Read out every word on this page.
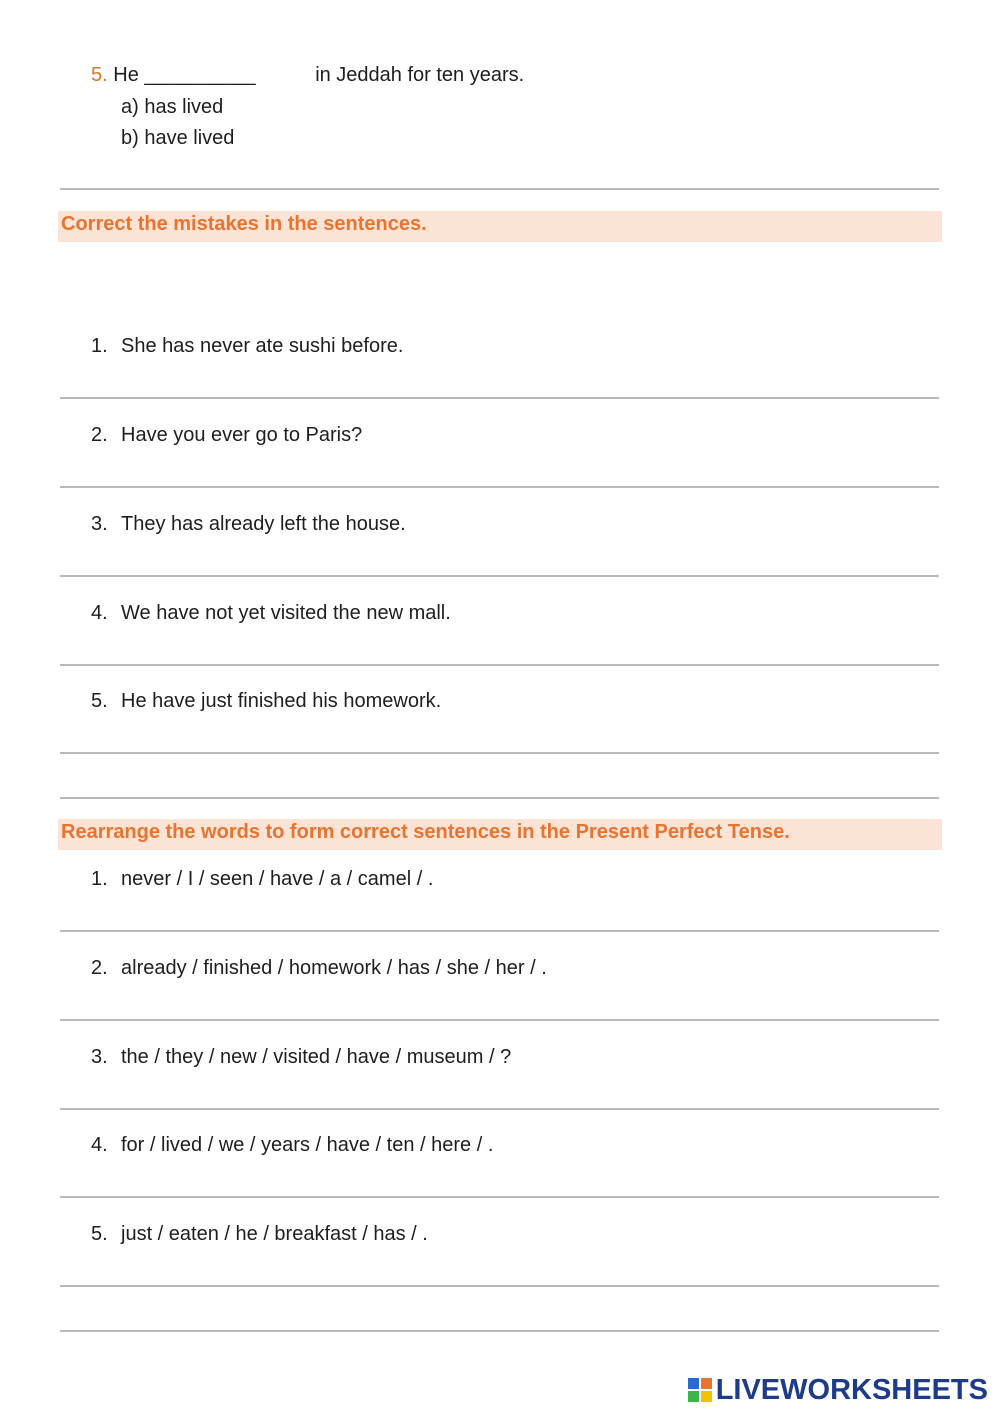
5. He __________	in Jeddah for ten years.
a) has lived
b) have lived
Correct the mistakes in the sentences.
1. She has never ate sushi before.
2. Have you ever go to Paris?
3. They has already left the house.
4. We have not yet visited the new mall.
5. He have just finished his homework.
Rearrange the words to form correct sentences in the Present Perfect Tense.
1. never / I / seen / have / a / camel / .
2. already / finished / homework / has / she / her / .
3. the / they / new / visited / have / museum / ?
4. for / lived / we / years / have / ten / here / .
5. just / eaten / he / breakfast / has / .
LIVEWORKSHEETS
